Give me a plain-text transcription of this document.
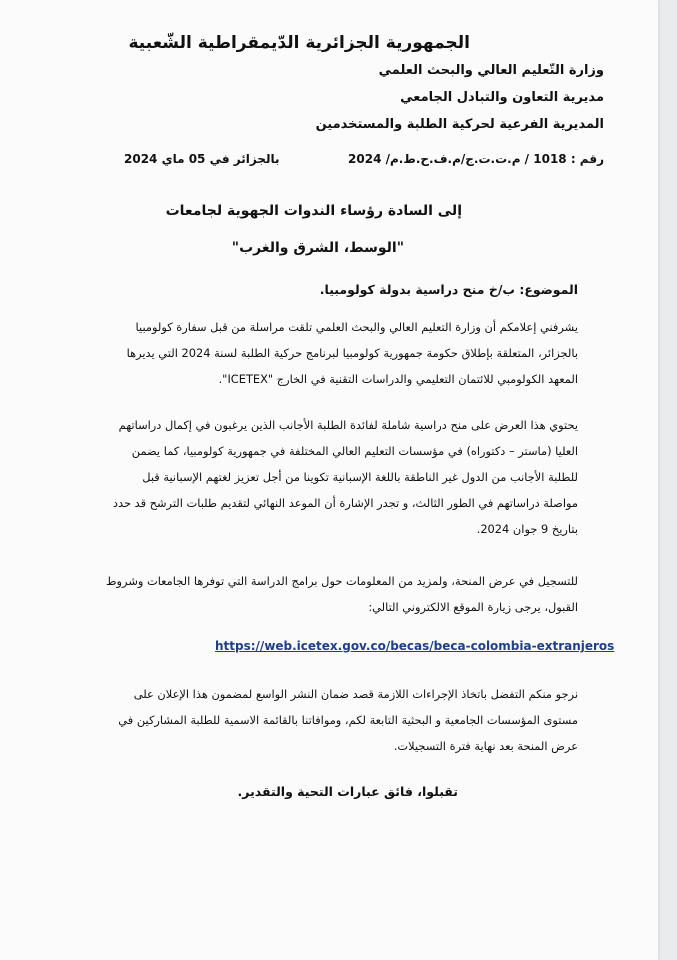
الجمهورية الجزائرية الدّيمقراطية الشّعبية
وزارة التّعليم العالي والبحث العلمي
مديرية التعاون والتبادل الجامعي
المديرية الفرعية لحركية الطلبة والمستخدمين
رقم : 1018 / م.ت.ت.ج/م.ف.ح.ط.م/ 2024
بالجزائر في 05 ماي 2024
إلى السادة رؤساء الندوات الجهوية لجامعات
"الوسط، الشرق والغرب"
الموضوع: ب/خ منح دراسية بدولة كولومبيا.
يشرفني إعلامكم أن وزارة التعليم العالي والبحث العلمي تلقت مراسلة من قبل سفارة كولومبيا
بالجزائر، المتعلقة بإطلاق حكومة جمهورية كولومبيا لبرنامج حركية الطلبة لسنة 2024 التي يديرها
المعهد الكولومبي للائتمان التعليمي والدراسات التقنية في الخارج "ICETEX".
يحتوي هذا العرض على منح دراسية شاملة لفائدة الطلبة الأجانب الذين يرغبون في إكمال دراساتهم
العليا (ماستر – دكتوراه) في مؤسسات التعليم العالي المختلفة في جمهورية كولومبيا، كما يضمن
للطلبة الأجانب من الدول غير الناطقة باللغة الإسبانية تكوينا من أجل تعزيز لغتهم الإسبانية قبل
مواصلة دراساتهم في الطور الثالث، و تجدر الإشارة أن الموعد النهائي لتقديم طلبات الترشح قد حدد
بتاريخ 9 جوان 2024.
للتسجيل في عرض المنحة، ولمزيد من المعلومات حول برامج الدراسة التي توفرها الجامعات وشروط
القبول، يرجى زيارة الموقع الالكتروني التالي:
https://web.icetex.gov.co/becas/beca-colombia-extranjeros
نرجو منكم التفضل باتخاذ الإجراءات اللازمة قصد ضمان النشر الواسع لمضمون هذا الإعلان على
مستوى المؤسسات الجامعية و البحثية التابعة لكم، وموافاتنا بالقائمة الاسمية للطلبة المشاركين في
عرض المنحة بعد نهاية فترة التسجيلات.
تقبلوا، فائق عبارات التحية والتقدير.
